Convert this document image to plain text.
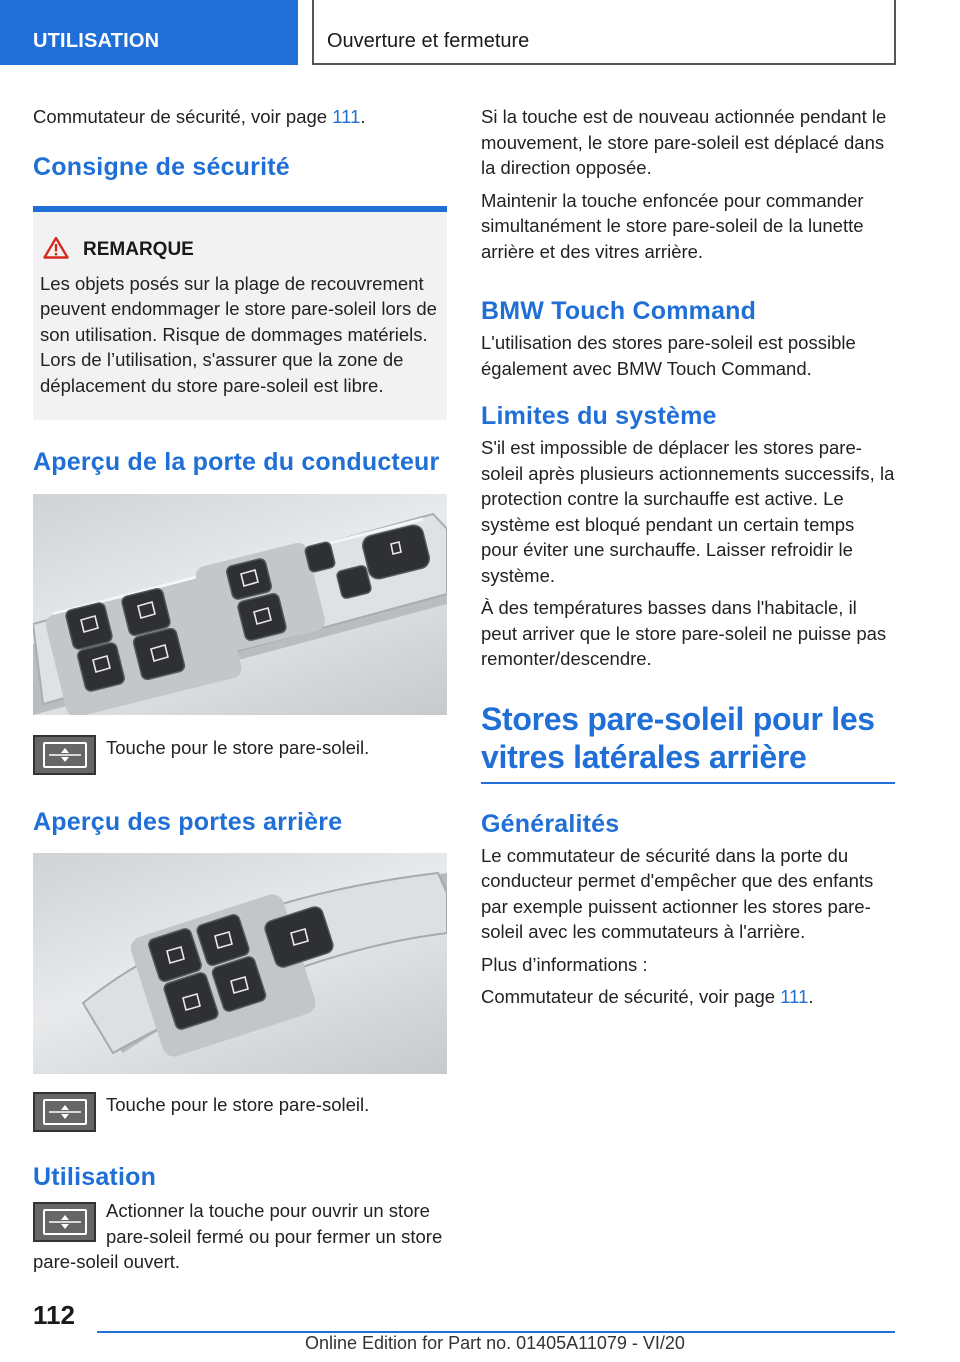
UTILISATION	Ouverture et fermeture

Commutateur de sécurité, voir page 111.

Consigne de sécurité
REMARQUE

Les objets posés sur la plage de recouvrement peuvent endommager le store pare-soleil lors de son utilisation. Risque de dommages matériels. Lors de l’utilisation, s'assurer que la zone de déplacement du store pare-soleil est libre.

Aperçu de la porte du conducteur

Touche pour le store pare-soleil.

Aperçu des portes arrière

Touche pour le store pare-soleil.

Utilisation

Actionner la touche pour ouvrir un store pare-soleil fermé ou pour fermer un store pare-soleil ouvert.

Si la touche est de nouveau actionnée pendant le mouvement, le store pare-soleil est déplacé dans la direction opposée.

Maintenir la touche enfoncée pour commander simultanément le store pare-soleil de la lunette arrière et des vitres arrière.

BMW Touch Command

L'utilisation des stores pare-soleil est possible également avec BMW Touch Command.

Limites du système

S'il est impossible de déplacer les stores paresoleil après plusieurs actionnements successifs, la protection contre la surchauffe est active. Le système est bloqué pendant un certain temps pour éviter une surchauffe. Laisser refroidir le système.

À des températures basses dans l'habitacle, il peut arriver que le store pare-soleil ne puisse pas remonter/descendre.

Stores pare-soleil pour les vitres latérales arrière
Généralités

Le commutateur de sécurité dans la porte du conducteur permet d'empêcher que des enfants par exemple puissent actionner les stores paresoleil avec les commutateurs à l'arrière.

Plus d’informations :

Commutateur de sécurité, voir page 111.

112
Online Edition for Part no. 01405A11079 - VI/20
